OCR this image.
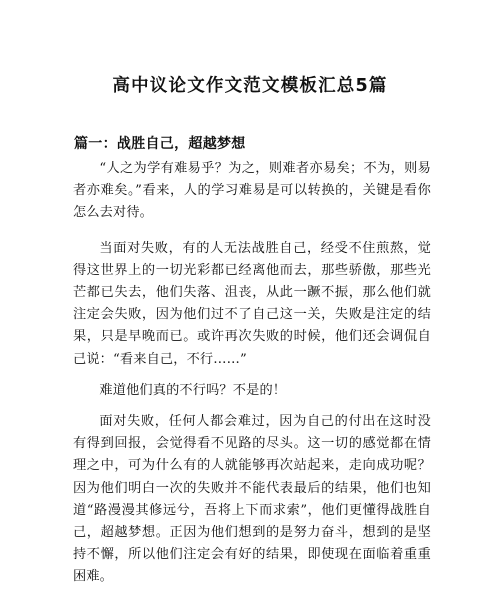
高中议论文作文范文模板汇总5篇
篇一：战胜自己，超越梦想

“人之为学有难易乎？为之，则难者亦易矣；不为，则易者亦难矣。”看来，人的学习难易是可以转换的，关键是看你怎么去对待。

当面对失败，有的人无法战胜自己，经受不住煎熬，觉得这世界上的一切光彩都已经离他而去，那些骄傲，那些光芒都已失去，他们失落、沮丧，从此一蹶不振，那么他们就注定会失败，因为他们过不了自己这一关，失败是注定的结果，只是早晚而已。或许再次失败的时候，他们还会调侃自己说：“看来自己，不行……”

难道他们真的不行吗？不是的！

面对失败，任何人都会难过，因为自己的付出在这时没有得到回报，会觉得看不见路的尽头。这一切的感觉都在情理之中，可为什么有的人就能够再次站起来，走向成功呢？因为他们明白一次的失败并不能代表最后的结果，他们也知道“路漫漫其修远兮，吾将上下而求索”，他们更懂得战胜自己，超越梦想。正因为他们想到的是努力奋斗，想到的是坚持不懈，所以他们注定会有好的结果，即使现在面临着重重困难。
